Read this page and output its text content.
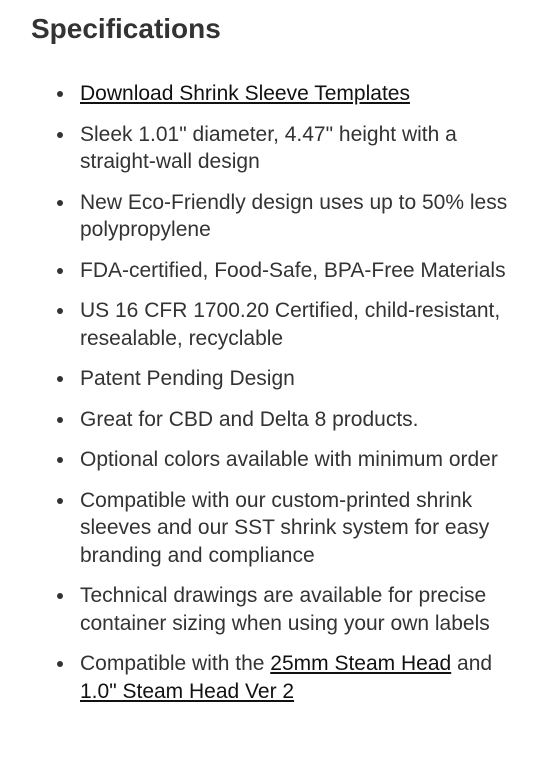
Specifications
Download Shrink Sleeve Templates
Sleek 1.01" diameter, 4.47" height with a straight-wall design
New Eco-Friendly design uses up to 50% less polypropylene
FDA-certified, Food-Safe, BPA-Free Materials
US 16 CFR 1700.20 Certified, child-resistant, resealable, recyclable
Patent Pending Design
Great for CBD and Delta 8 products.
Optional colors available with minimum order
Compatible with our custom-printed shrink sleeves and our SST shrink system for easy branding and compliance
Technical drawings are available for precise container sizing when using your own labels
Compatible with the 25mm Steam Head and 1.0" Steam Head Ver 2
